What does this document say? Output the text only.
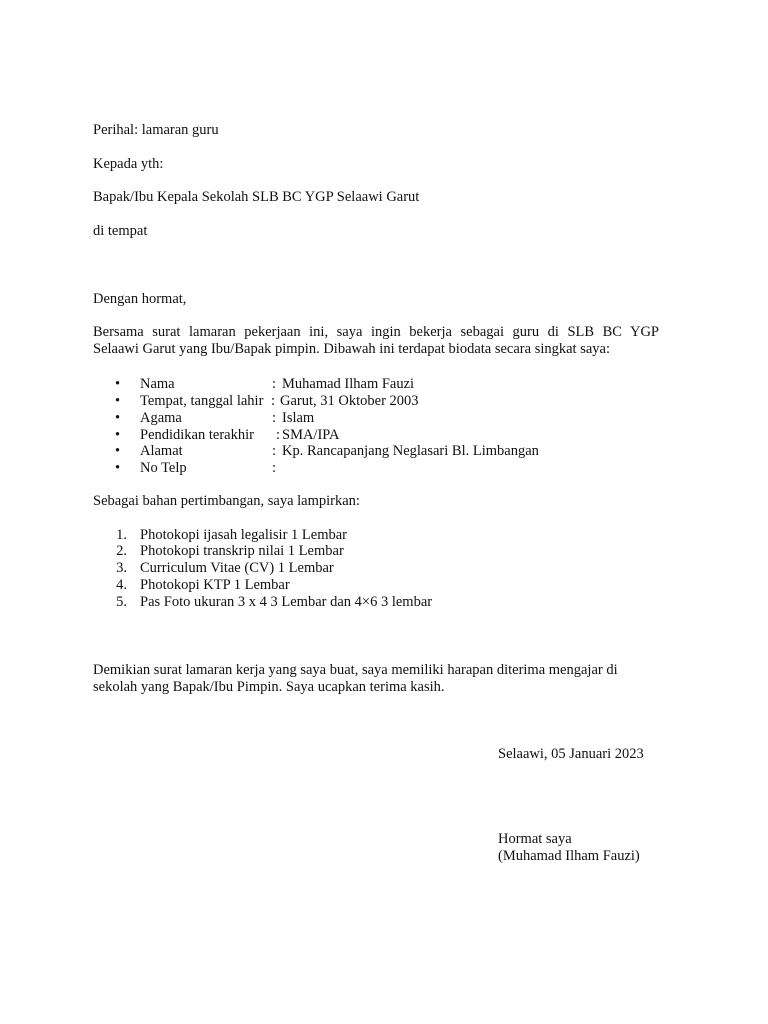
Perihal: lamaran guru
Kepada yth:
Bapak/Ibu Kepala Sekolah SLB BC YGP Selaawi Garut
di tempat
Dengan hormat,
Bersama surat lamaran pekerjaan ini, saya ingin bekerja sebagai guru di SLB BC YGP
Selaawi Garut yang Ibu/Bapak pimpin. Dibawah ini terdapat biodata secara singkat saya:
• Nama	: Muhamad Ilham Fauzi
• Tempat, tanggal lahir : Garut, 31 Oktober 2003
• Agama	: Islam
• Pendidikan terakhir : SMA/IPA
• Alamat	: Kp. Rancapanjang Neglasari Bl. Limbangan
• No Telp	:
Sebagai bahan pertimbangan, saya lampirkan:
1. Photokopi ijasah legalisir 1 Lembar
2. Photokopi transkrip nilai 1 Lembar
3. Curriculum Vitae (CV) 1 Lembar
4. Photokopi KTP 1 Lembar
5. Pas Foto ukuran 3 x 4 3 Lembar dan 4×6 3 lembar
Demikian surat lamaran kerja yang saya buat, saya memiliki harapan diterima mengajar di
sekolah yang Bapak/Ibu Pimpin. Saya ucapkan terima kasih.
Selaawi, 05 Januari 2023
Hormat saya
(Muhamad Ilham Fauzi)
